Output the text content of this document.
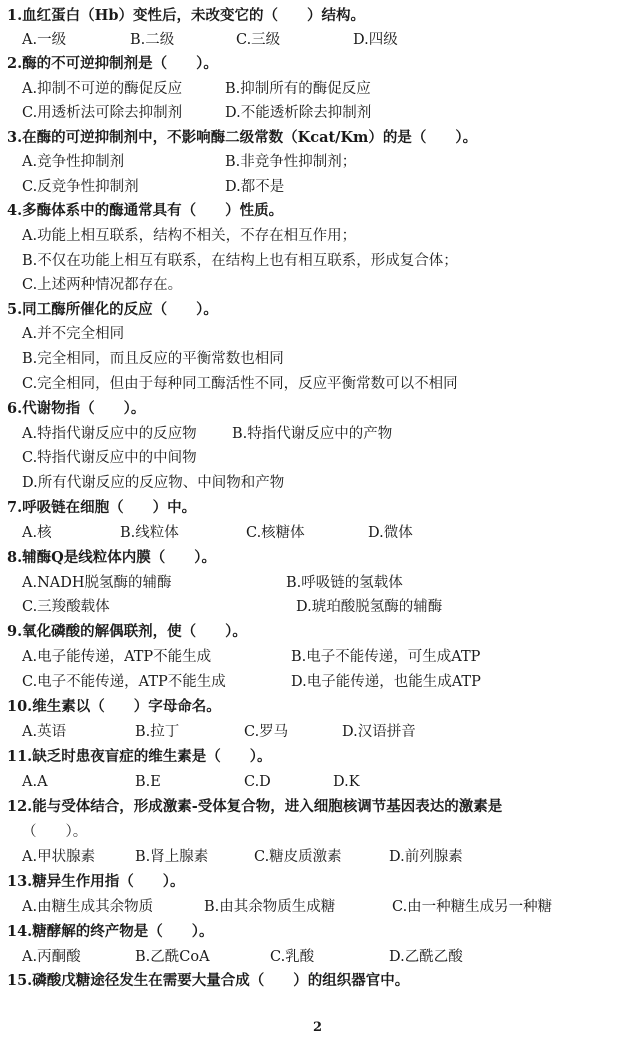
1.血红蛋白（Hb）变性后，未改变它的（　　）结构。
A.一级	B.二级	C.三级	D.四级
2.酶的不可逆抑制剂是（　　）。
A.抑制不可逆的酶促反应	B.抑制所有的酶促反应
C.用透析法可除去抑制剂	D.不能透析除去抑制剂
3.在酶的可逆抑制剂中，不影响酶二级常数（Kcat/Km）的是（　　）。
A.竞争性抑制剂	B.非竞争性抑制剂；
C.反竞争性抑制剂	D.都不是
4.多酶体系中的酶通常具有（　　）性质。
A.功能上相互联系，结构不相关，不存在相互作用；
B.不仅在功能上相互有联系，在结构上也有相互联系，形成复合体；
C.上述两种情况都存在。
5.同工酶所催化的反应（　　）。
A.并不完全相同
B.完全相同，而且反应的平衡常数也相同
C.完全相同，但由于每种同工酶活性不同，反应平衡常数可以不相同
6.代谢物指（　　）。
A.特指代谢反应中的反应物 B.特指代谢反应中的产物
C.特指代谢反应中的中间物
D.所有代谢反应的反应物、中间物和产物
7.呼吸链在细胞（　　）中。
A.核	B.线粒体	C.核糖体	D.微体
8.辅酶Q是线粒体内膜（　　）。
A.NADH脱氢酶的辅酶	B.呼吸链的氢载体
C.三羧酸载体	D.琥珀酸脱氢酶的辅酶
9.氧化磷酸的解偶联剂，使（　　）。
A.电子能传递，ATP不能生成	B.电子不能传递，可生成ATP
C.电子不能传递，ATP不能生成	D.电子能传递，也能生成ATP
10.维生素以（　　）字母命名。
A.英语	B.拉丁	C.罗马	D.汉语拼音
11.缺乏时患夜盲症的维生素是（　　）。
A.A	B.E	C.D	D.K
12.能与受体结合，形成激素-受体复合物，进入细胞核调节基因表达的激素是
（　　）。
A.甲状腺素	B.肾上腺素	C.糖皮质激素	D.前列腺素
13.糖异生作用指（　　）。
A.由糖生成其余物质	B.由其余物质生成糖	C.由一种糖生成另一种糖
14.糖酵解的终产物是（　　）。
A.丙酮酸	B.乙酰CoA	C.乳酸	D.乙酰乙酸
15.磷酸戊糖途径发生在需要大量合成（　　）的组织器官中。
2
